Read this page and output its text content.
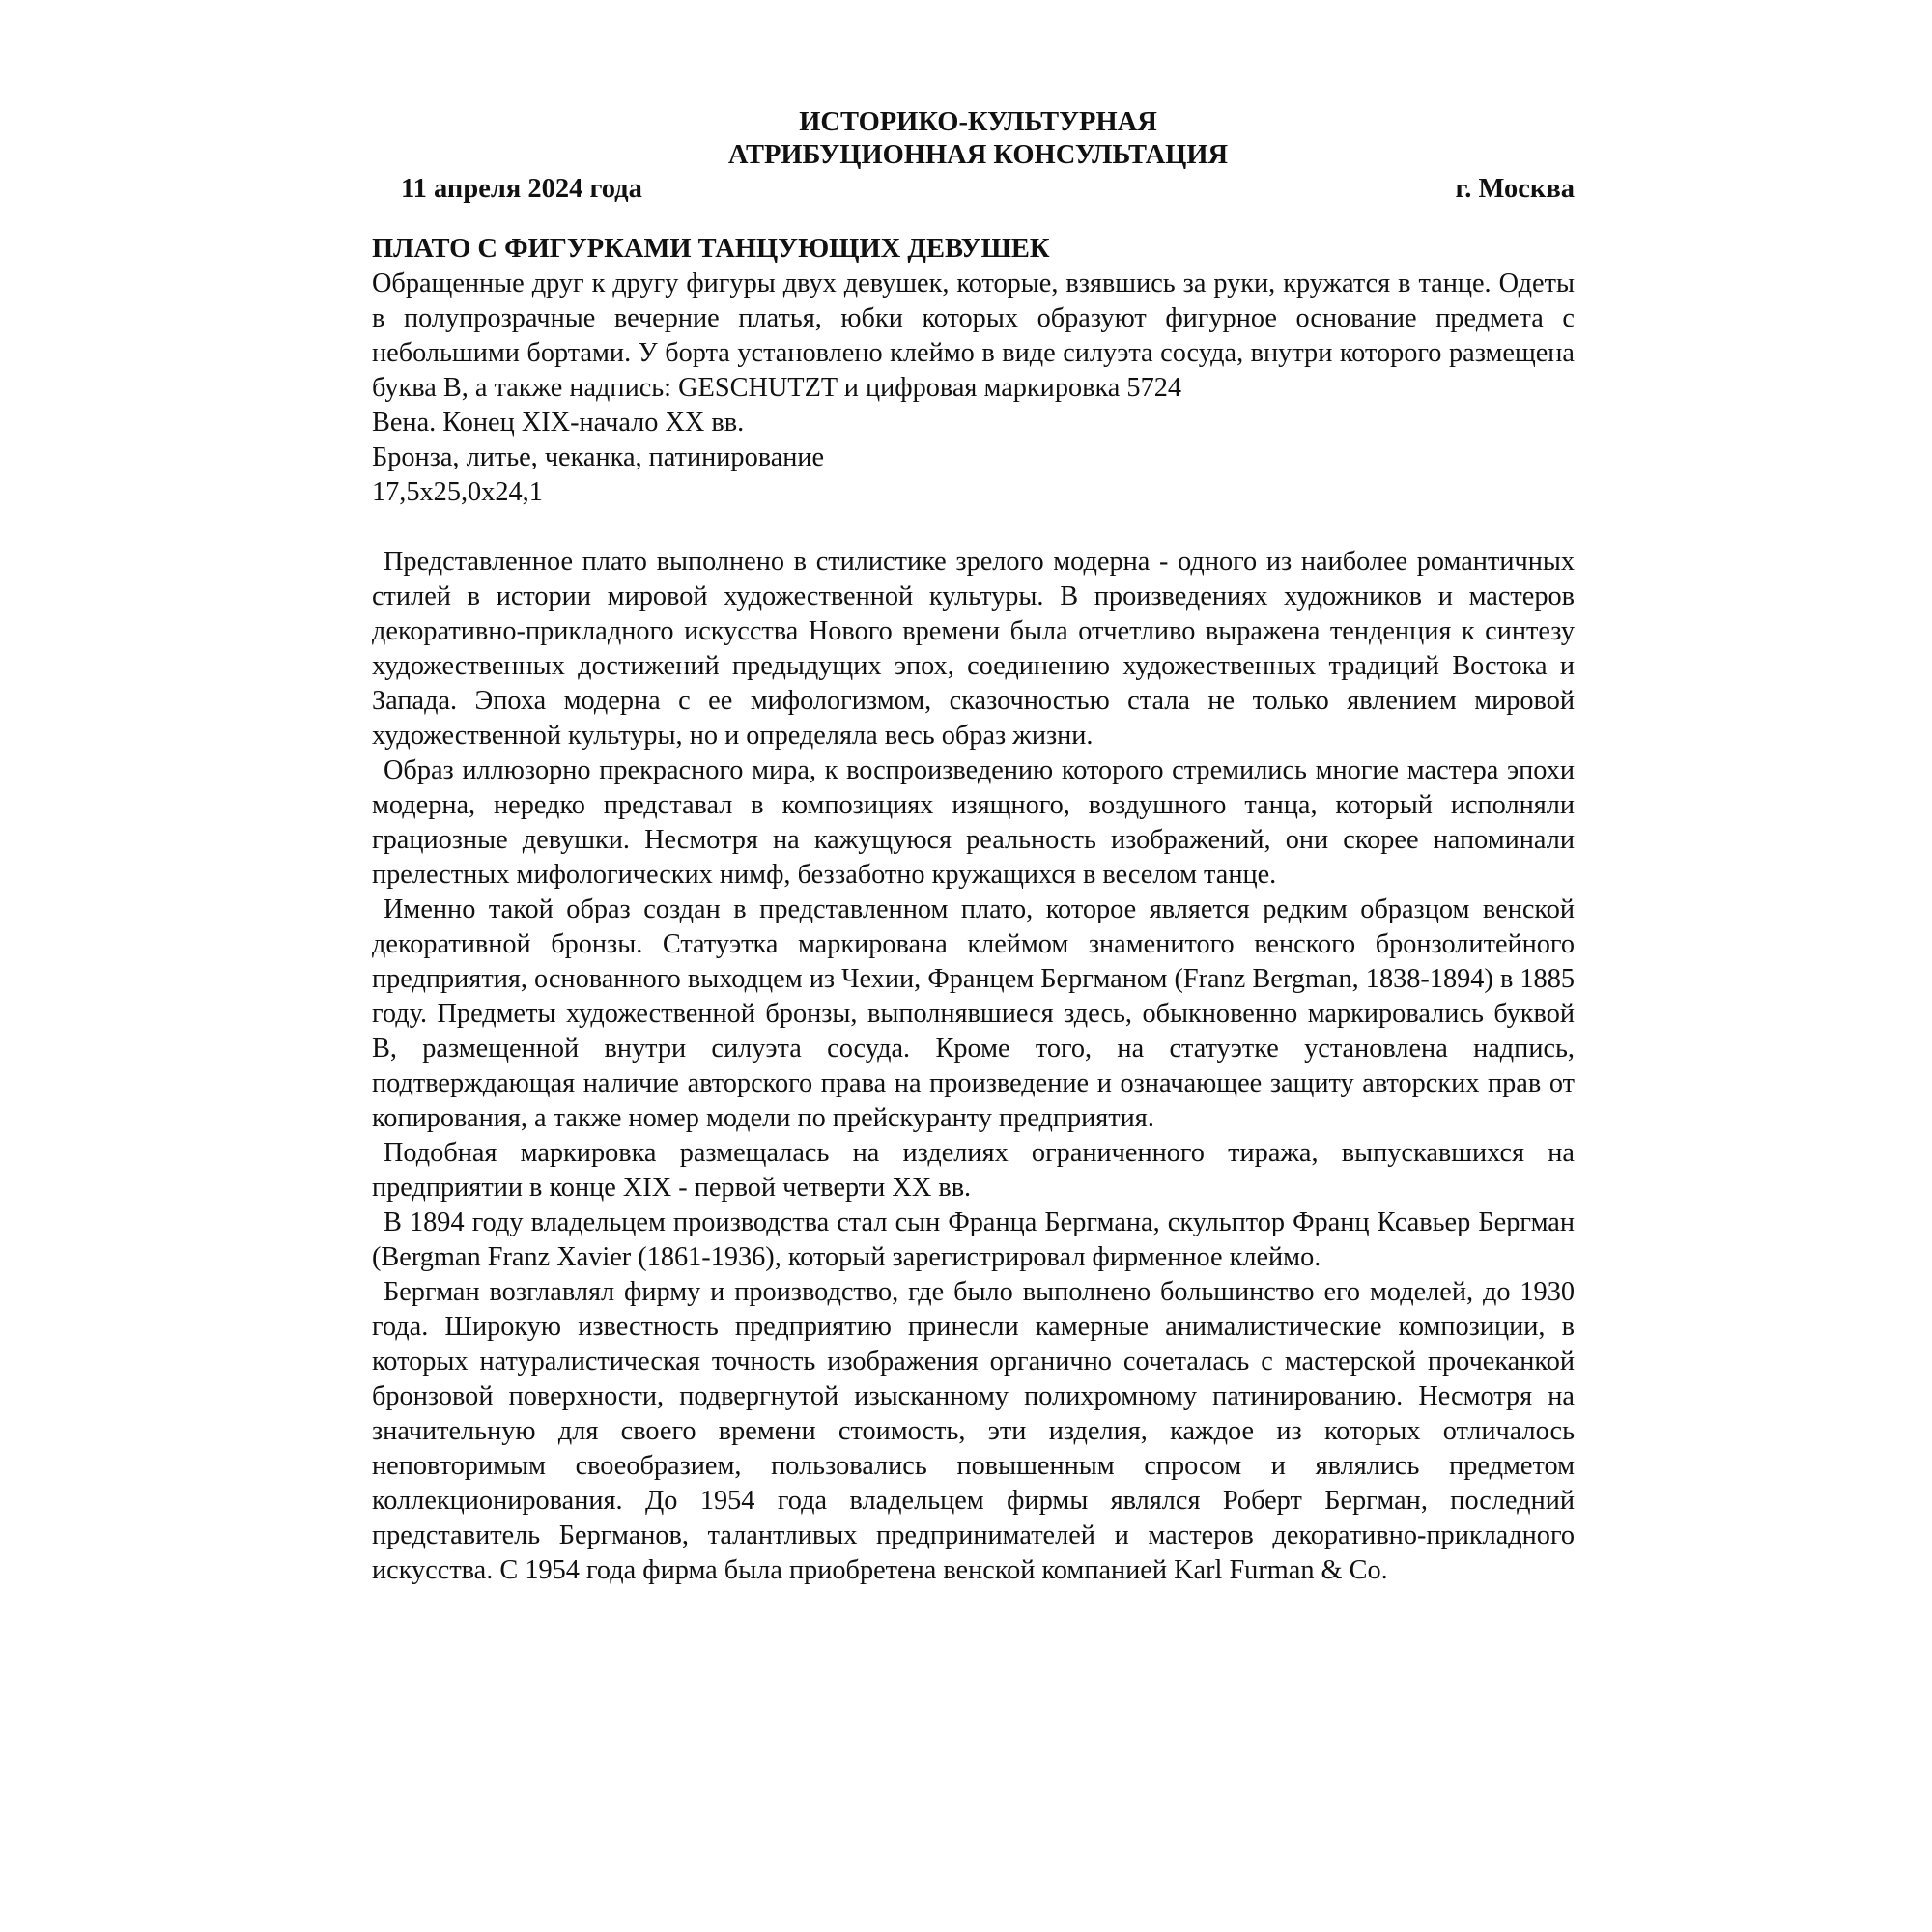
ИСТОРИКО-КУЛЬТУРНАЯ

АТРИБУЦИОННАЯ КОНСУЛЬТАЦИЯ

11 апреля 2024 года	г. Москва

ПЛАТО С ФИГУРКАМИ ТАНЦУЮЩИХ ДЕВУШЕК

Обращенные друг к другу фигуры двух девушек, которые, взявшись за руки, кружатся в танце. Одеты в полупрозрачные вечерние платья, юбки которых образуют фигурное основание предмета с небольшими бортами. У борта установлено клеймо в виде силуэта сосуда, внутри которого размещена буква В, а также надпись: GESCHUTZT и цифровая маркировка 5724

Вена. Конец XIX-начало XX вв.

Бронза, литье, чеканка, патинирование

17,5х25,0х24,1

Представленное плато выполнено в стилистике зрелого модерна - одного из наиболее романтичных стилей в истории мировой художественной культуры. В произведениях художников и мастеров декоративно-прикладного искусства Нового времени была отчетливо выражена тенденция к синтезу художественных достижений предыдущих эпох, соединению художественных традиций Востока и Запада. Эпоха модерна с ее мифологизмом, сказочностью стала не только явлением мировой художественной культуры, но и определяла весь образ жизни.

Образ иллюзорно прекрасного мира, к воспроизведению которого стремились многие мастера эпохи модерна, нередко представал в композициях изящного, воздушного танца, который исполняли грациозные девушки. Несмотря на кажущуюся реальность изображений, они скорее напоминали прелестных мифологических нимф, беззаботно кружащихся в веселом танце.

Именно такой образ создан в представленном плато, которое является редким образцом венской декоративной бронзы. Статуэтка маркирована клеймом знаменитого венского бронзолитейного предприятия, основанного выходцем из Чехии, Францем Бергманом (Franz Bergman, 1838-1894) в 1885 году. Предметы художественной бронзы, выполнявшиеся здесь, обыкновенно маркировались буквой В, размещенной внутри силуэта сосуда. Кроме того, на статуэтке установлена надпись, подтверждающая наличие авторского права на произведение и означающее защиту авторских прав от копирования, а также номер модели по прейскуранту предприятия.

Подобная маркировка размещалась на изделиях ограниченного тиража, выпускавшихся на предприятии в конце XIX - первой четверти XX вв.

В 1894 году владельцем производства стал сын Франца Бергмана, скульптор Франц Ксавьер Бергман (Bergman Franz Xavier (1861-1936), который зарегистрировал фирменное клеймо.

Бергман возглавлял фирму и производство, где было выполнено большинство его моделей, до 1930 года. Широкую известность предприятию принесли камерные анималистические композиции, в которых натуралистическая точность изображения органично сочеталась с мастерской прочеканкой бронзовой поверхности, подвергнутой изысканному полихромному патинированию. Несмотря на значительную для своего времени стоимость, эти изделия, каждое из которых отличалось неповторимым своеобразием, пользовались повышенным спросом и являлись предметом коллекционирования. До 1954 года владельцем фирмы являлся Роберт Бергман, последний представитель Бергманов, талантливых предпринимателей и мастеров декоративно-прикладного искусства. С 1954 года фирма была приобретена венской компанией Karl Furman & Co.
